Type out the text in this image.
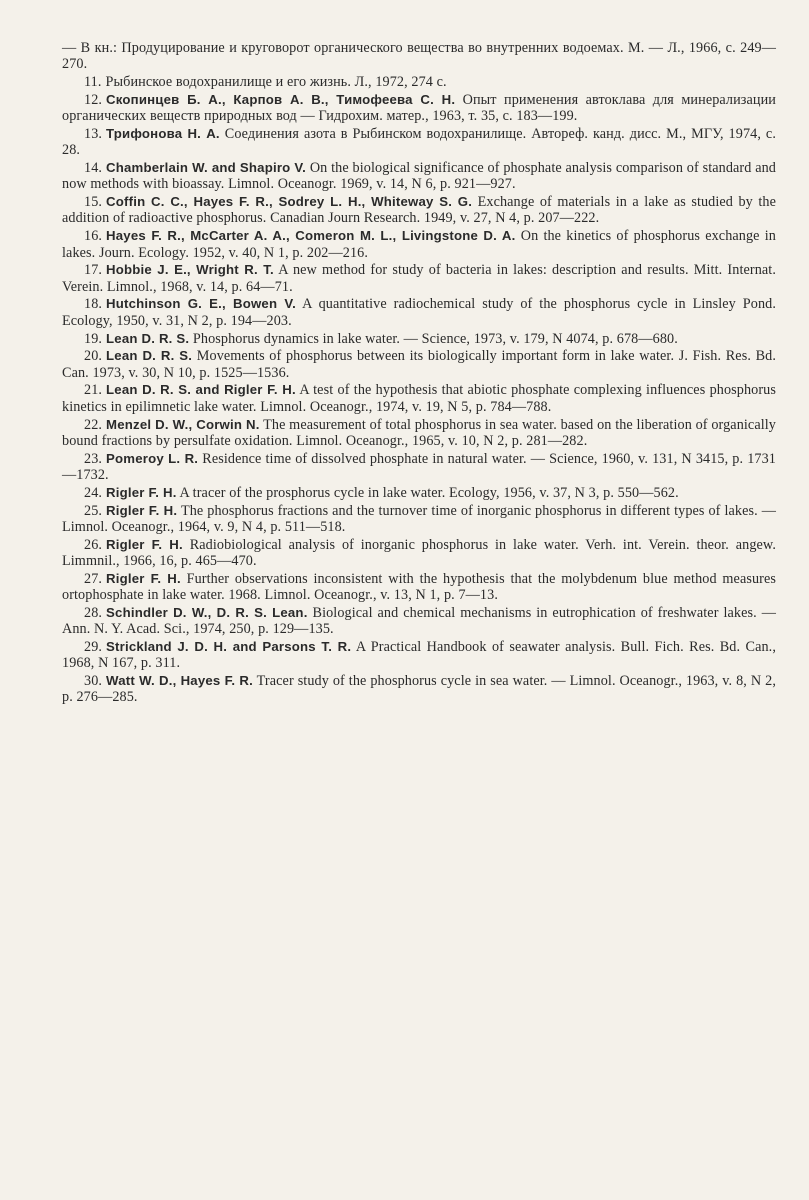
— В кн.: Продуцирование и круговорот органического вещества во внутренних водоемах. М. — Л., 1966, с. 249—270.

11. Рыбинское водохранилище и его жизнь. Л., 1972, 274 с.

12. Скопинцев Б. А., Карпов А. В., Тимофеева С. Н. Опыт применения автоклава для минерализации органических веществ природных вод — Гидрохим. матер., 1963, т. 35, с. 183—199.

13. Трифонова Н. А. Соединения азота в Рыбинском водохранилище. Автореф. канд. дисс. М., МГУ, 1974, с. 28.

14. Chamberlain W. and Shapiro V. On the biological significance of phosphate analysis comparison of standard and now methods with bioassay. Limnol. Oceanogr. 1969, v. 14, N 6, p. 921—927.

15. Coffin C. C., Hayes F. R., Sodrey L. H., Whiteway S. G. Exchange of materials in a lake as studied by the addition of radioactive phosphorus. Canadian Journ Research. 1949, v. 27, N 4, p. 207—222.

16. Hayes F. R., McCarter A. A., Comeron M. L., Livingstone D. A. On the kinetics of phosphorus exchange in lakes. Journ. Ecology. 1952, v. 40, N 1, p. 202—216.

17. Hobbie J. E., Wright R. T. A new method for study of bacteria in lakes: description and results. Mitt. Internat. Verein. Limnol., 1968, v. 14, p. 64—71.

18. Hutchinson G. E., Bowen V. A quantitative radiochemical study of the phosphorus cycle in Linsley Pond. Ecology, 1950, v. 31, N 2, p. 194—203.

19. Lean D. R. S. Phosphorus dynamics in lake water. — Science, 1973, v. 179, N 4074, p. 678—680.

20. Lean D. R. S. Movements of phosphorus between its biologically important form in lake water. J. Fish. Res. Bd. Can. 1973, v. 30, N 10, p. 1525—1536.

21. Lean D. R. S. and Rigler F. H. A test of the hypothesis that abiotic phosphate complexing influences phosphorus kinetics in epilimnetic lake water. Limnol. Oceanogr., 1974, v. 19, N 5, p. 784—788.

22. Menzel D. W., Corwin N. The measurement of total phosphorus in sea water. based on the liberation of organically bound fractions by persulfate oxidation. Limnol. Oceanogr., 1965, v. 10, N 2, p. 281—282.

23. Pomeroy L. R. Residence time of dissolved phosphate in natural water. — Science, 1960, v. 131, N 3415, p. 1731—1732.

24. Rigler F. H. A tracer of the prosphorus cycle in lake water. Ecology, 1956, v. 37, N 3, p. 550—562.

25. Rigler F. H. The phosphorus fractions and the turnover time of inorganic phosphorus in different types of lakes. — Limnol. Oceanogr., 1964, v. 9, N 4, p. 511—518.

26. Rigler F. H. Radiobiological analysis of inorganic phosphorus in lake water. Verh. int. Verein. theor. angew. Limmnil., 1966, 16, p. 465—470.

27. Rigler F. H. Further observations inconsistent with the hypothesis that the molybdenum blue method measures ortophosphate in lake water. 1968. Limnol. Oceanogr., v. 13, N 1, p. 7—13.

28. Schindler D. W., D. R. S. Lean. Biological and chemical mechanisms in eutrophication of freshwater lakes. — Ann. N. Y. Acad. Sci., 1974, 250, p. 129—135.

29. Strickland J. D. H. and Parsons T. R. A Practical Handbook of seawater analysis. Bull. Fich. Res. Bd. Can., 1968, N 167, p. 311.

30. Watt W. D., Hayes F. R. Tracer study of the phosphorus cycle in sea water. — Limnol. Oceanogr., 1963, v. 8, N 2, p. 276—285.
